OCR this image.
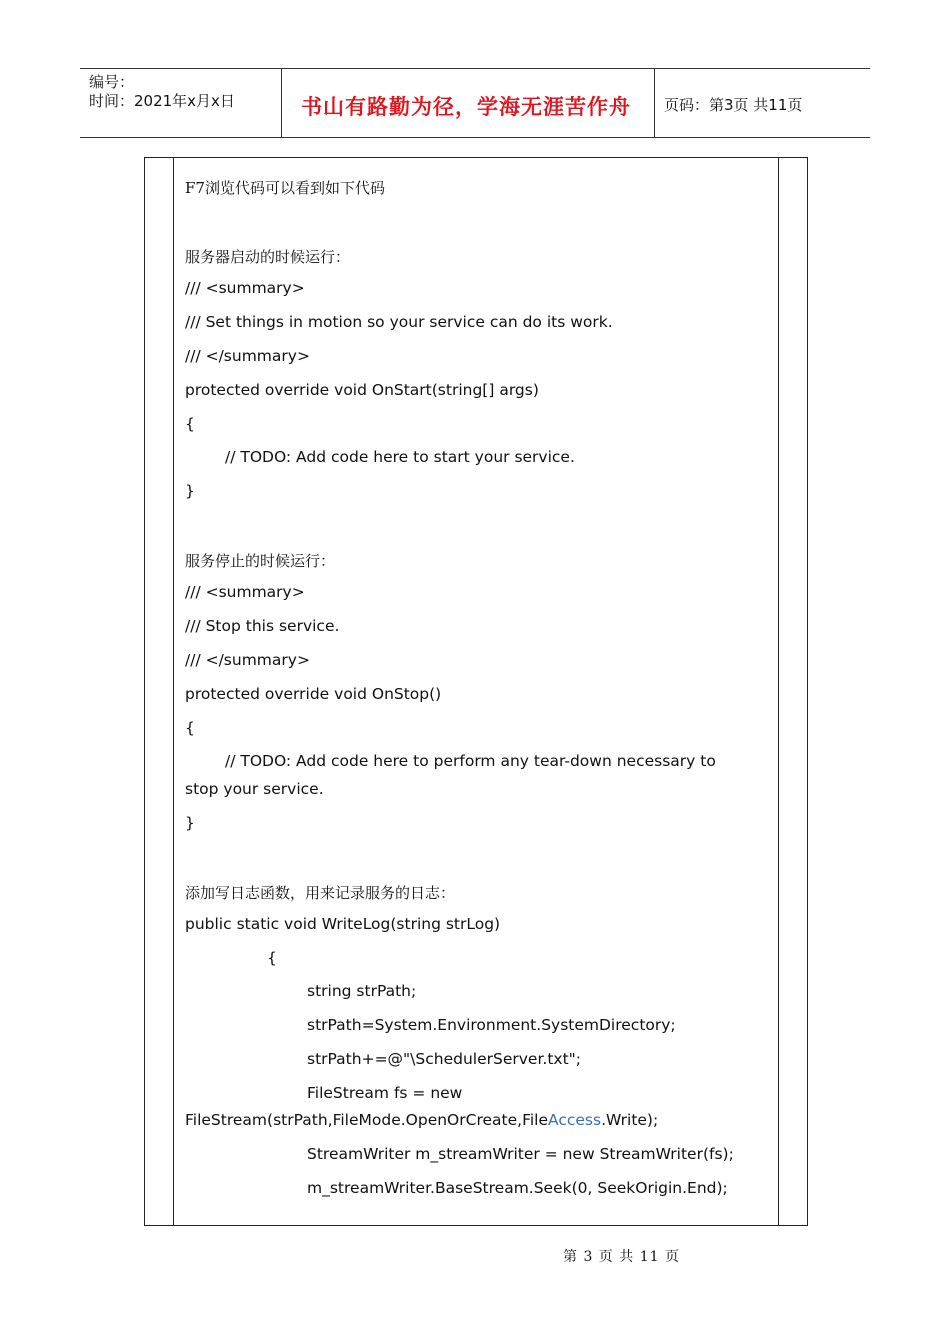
编号：
时间：2021年x月x日	书山有路勤为径，学海无涯苦作舟 页码：第3页 共11页
F7浏览代码可以看到如下代码
服务器启动的时候运行：
/// <summary>
/// Set things in motion so your service can do its work.
/// </summary>
protected override void OnStart(string[] args)
{
// TODO: Add code here to start your service.
}
服务停止的时候运行：
/// <summary>
/// Stop this service.
/// </summary>
protected override void OnStop()
{
// TODO: Add code here to perform any tear-down necessary to
stop your service.
}
添加写日志函数，用来记录服务的日志：
public static void WriteLog(string strLog)
{
string strPath;
strPath=System.Environment.SystemDirectory;
strPath+=@"\SchedulerServer.txt";
FileStream fs = new
FileStream(strPath,FileMode.OpenOrCreate,FileAccess.Write);
StreamWriter m_streamWriter = new StreamWriter(fs);
m_streamWriter.BaseStream.Seek(0, SeekOrigin.End);
第 3 页 共 11 页
